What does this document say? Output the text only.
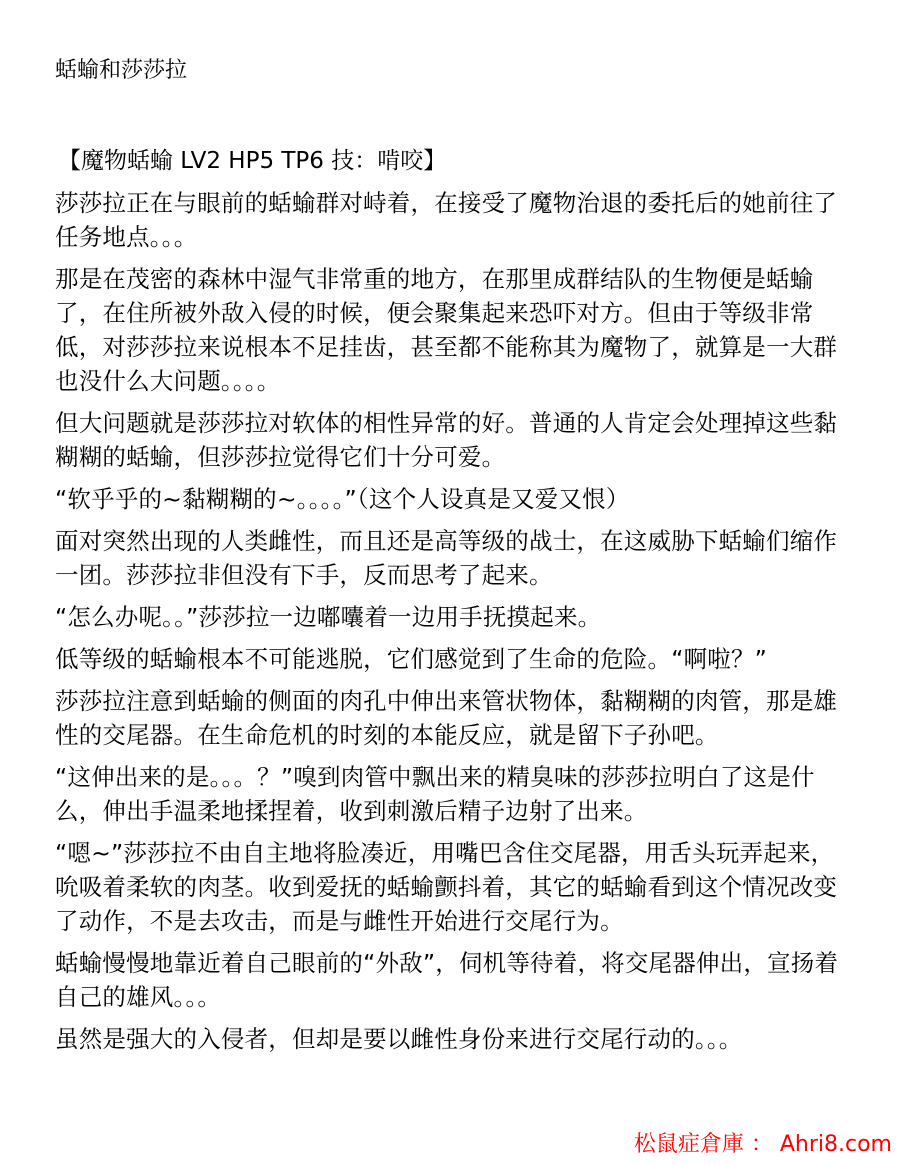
蛞蝓和莎莎拉
【魔物蛞蝓 LV2 HP5 TP6 技：啃咬】

莎莎拉正在与眼前的蛞蝓群对峙着，在接受了魔物治退的委托后的她前往了任务地点。。。

那是在茂密的森林中湿气非常重的地方，在那里成群结队的生物便是蛞蝓了，在住所被外敌入侵的时候，便会聚集起来恐吓对方。但由于等级非常低，对莎莎拉来说根本不足挂齿，甚至都不能称其为魔物了，就算是一大群也没什么大问题。。。。

但大问题就是莎莎拉对软体的相性异常的好。普通的人肯定会处理掉这些黏糊糊的蛞蝓，但莎莎拉觉得它们十分可爱。

“软乎乎的~黏糊糊的~。。。。”（这个人设真是又爱又恨）

面对突然出现的人类雌性，而且还是高等级的战士，在这威胁下蛞蝓们缩作一团。莎莎拉非但没有下手，反而思考了起来。

“怎么办呢。。”莎莎拉一边嘟囔着一边用手抚摸起来。

低等级的蛞蝓根本不可能逃脱，它们感觉到了生命的危险。“啊啦？”

莎莎拉注意到蛞蝓的侧面的肉孔中伸出来管状物体，黏糊糊的肉管，那是雄性的交尾器。在生命危机的时刻的本能反应，就是留下子孙吧。

“这伸出来的是。。。？”嗅到肉管中飘出来的精臭味的莎莎拉明白了这是什么，伸出手温柔地揉捏着，收到刺激后精子边射了出来。

“嗯~”莎莎拉不由自主地将脸凑近，用嘴巴含住交尾器，用舌头玩弄起来，吮吸着柔软的肉茎。收到爱抚的蛞蝓颤抖着，其它的蛞蝓看到这个情况改变了动作，不是去攻击，而是与雌性开始进行交尾行为。

蛞蝓慢慢地靠近着自己眼前的“外敌”，伺机等待着，将交尾器伸出，宣扬着自己的雄风。。。

虽然是强大的入侵者，但却是要以雌性身份来进行交尾行动的。。。

松鼠症倉庫 ： Ahri8.com
